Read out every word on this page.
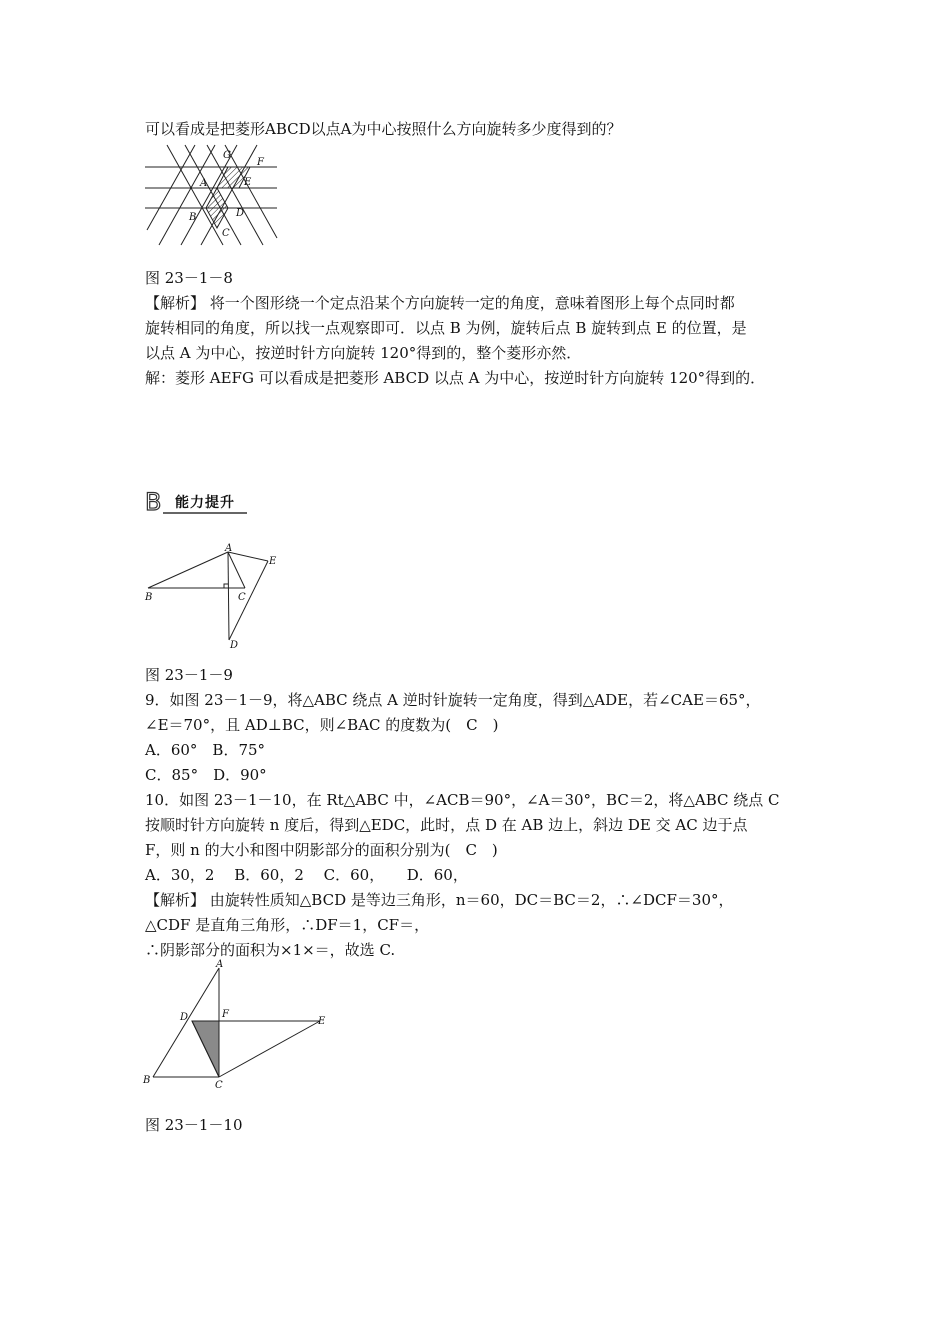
可以看成是把菱形ABCD以点A为中心按照什么方向旋转多少度得到的？
G
F
A	E
B	D
C
图 23－1－8
【解析】 将一个图形绕一个定点沿某个方向旋转一定的角度，意味着图形上每个点同时都
旋转相同的角度，所以找一点观察即可．以点 B 为例，旋转后点 B 旋转到点 E 的位置，是
以点 A 为中心，按逆时针方向旋转 120°得到的，整个菱形亦然．
解：菱形 AEFG 可以看成是把菱形 ABCD 以点 A 为中心，按逆时针方向旋转 120°得到的．
B 能力提升
A
E
B	C
D
图 23－1－9
9．如图 23－1－9，将△ABC 绕点 A 逆时针旋转一定角度，得到△ADE，若∠CAE＝65°，
∠E＝70°，且 AD⊥BC，则∠BAC 的度数为(　C　)
A．60°　B．75°
C．85°　D．90°
10．如图 23－1－10，在 Rt△ABC 中，∠ACB＝90°，∠A＝30°，BC＝2，将△ABC 绕点 C
按顺时针方向旋转 n 度后，得到△EDC，此时，点 D 在 AB 边上，斜边 DE 交 AC 边于点
F，则 n 的大小和图中阴影部分的面积分别为(　C　)
A．30，2　 B．60，2　 C．60，　　D．60，
【解析】 由旋转性质知△BCD 是等边三角形，n＝60，DC＝BC＝2，∴∠DCF＝30°，
△CDF 是直角三角形，∴DF＝1，CF＝，
∴阴影部分的面积为×1×＝，故选 C.
A
D	F
E
B	C
图 23－1－10
